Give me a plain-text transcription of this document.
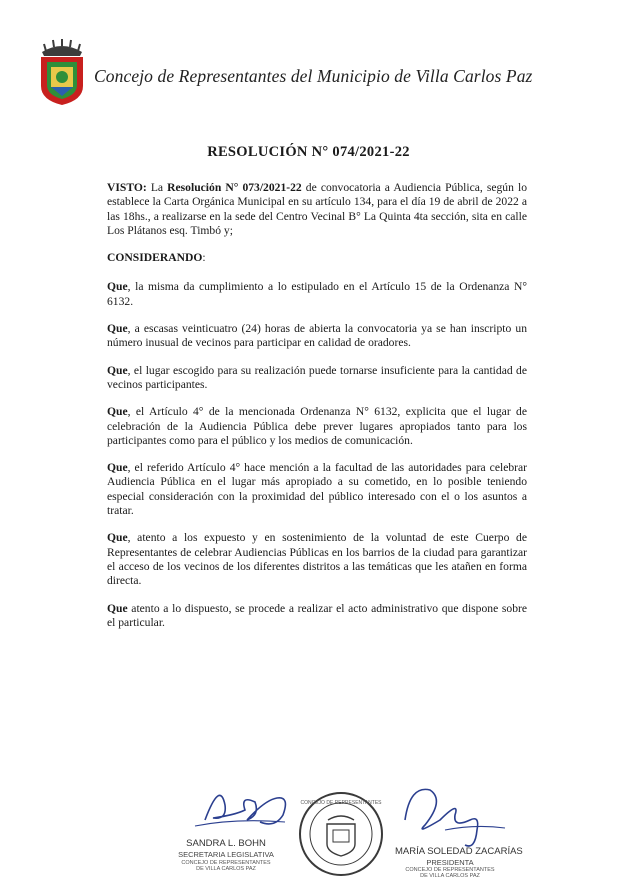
Concejo de Representantes del Municipio de Villa Carlos Paz
RESOLUCIÓN N° 074/2021-22

VISTO: La Resolución N° 073/2021-22 de convocatoria a Audiencia Pública, según lo establece la Carta Orgánica Municipal en su artículo 134, para el día 19 de abril de 2022 a las 18hs., a realizarse en la sede del Centro Vecinal B° La Quinta 4ta sección, sita en calle Los Plátanos esq. Timbó y;

CONSIDERANDO:

Que, la misma da cumplimiento a lo estipulado en el Artículo 15 de la Ordenanza N° 6132.

Que, a escasas veinticuatro (24) horas de abierta la convocatoria ya se han inscripto un número inusual de vecinos para participar en calidad de oradores.

Que, el lugar escogido para su realización puede tornarse insuficiente para la cantidad de vecinos participantes.

Que, el Artículo 4° de la mencionada Ordenanza N° 6132, explicita que el lugar de celebración de la Audiencia Pública debe prever lugares apropiados tanto para los participantes como para el público y los medios de comunicación.

Que, el referido Artículo 4° hace mención a la facultad de las autoridades para celebrar Audiencia Pública en el lugar más apropiado a su cometido, en lo posible teniendo especial consideración con la proximidad del público interesado con el o los asuntos a tratar.

Que, atento a los expuesto y en sostenimiento de la voluntad de este Cuerpo de Representantes de celebrar Audiencias Públicas en los barrios de la ciudad para garantizar el acceso de los vecinos de los diferentes distritos a las temáticas que les atañen en forma directa.

Que atento a lo dispuesto, se procede a realizar el acto administrativo que dispone sobre el particular.

SANDRA L. BOHN
SECRETARIA LEGISLATIVA
CONCEJO DE REPRESENTANTES
DE VILLA CARLOS PAZ
CONCEJO DE REPRESENTANTES
MARÍA SOLEDAD ZACARÍAS
PRESIDENTA
CONCEJO DE REPRESENTANTES
DE VILLA CARLOS PAZ
